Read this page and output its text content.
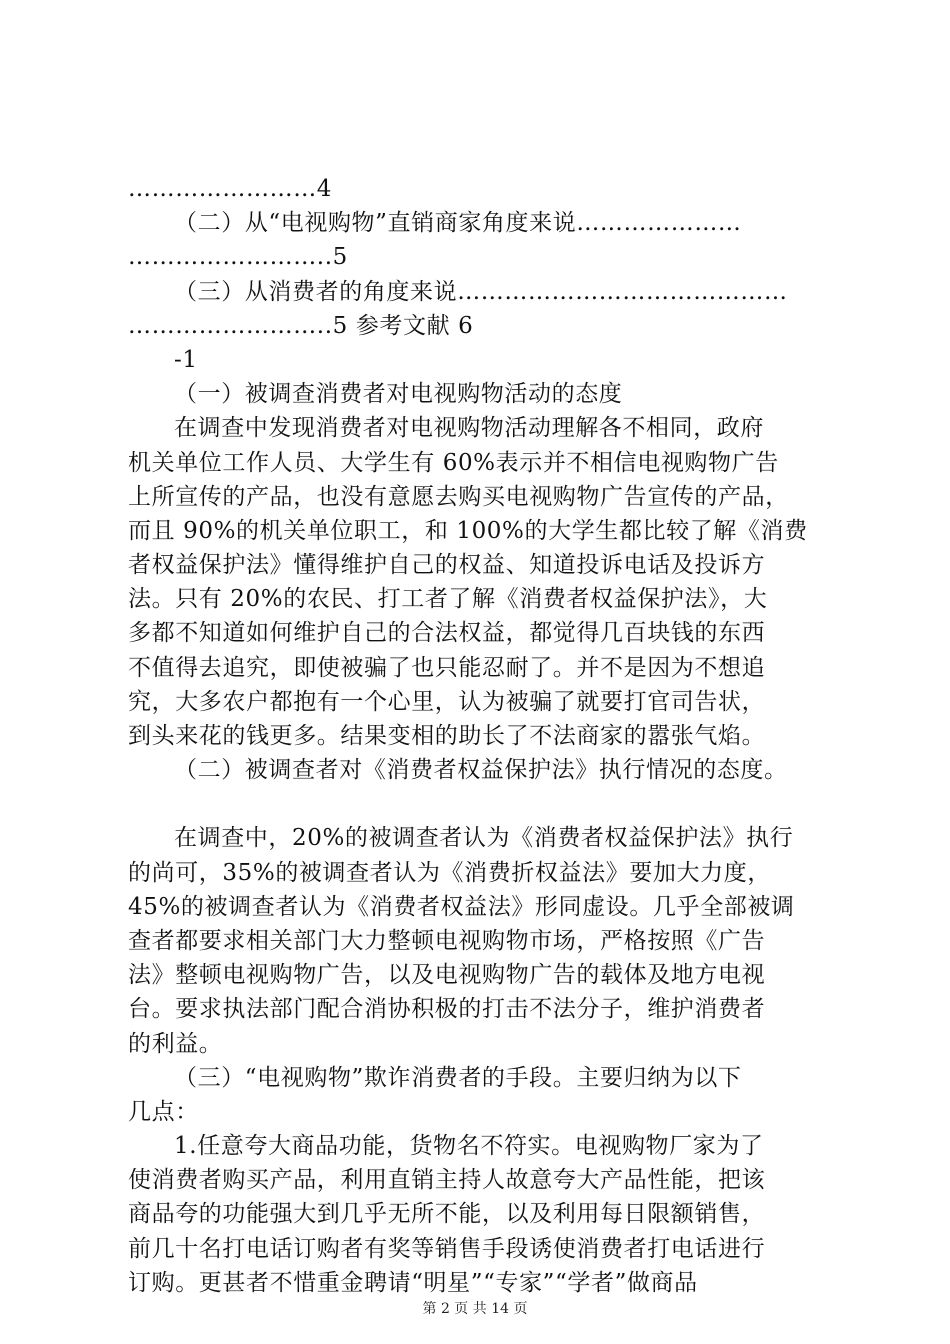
……………………4
（二）从“电视购物”直销商家角度来说…………………
……………………..5
（三）从消费者的角度来说……………………………………
……………………..5 参考文献 6
-1
（一）被调查消费者对电视购物活动的态度
在调查中发现消费者对电视购物活动理解各不相同，政府
机关单位工作人员、大学生有 60%表示并不相信电视购物广告
上所宣传的产品，也没有意愿去购买电视购物广告宣传的产品，
而且 90%的机关单位职工，和 100%的大学生都比较了解《消费
者权益保护法》懂得维护自己的权益、知道投诉电话及投诉方
法。只有 20%的农民、打工者了解《消费者权益保护法》，大
多都不知道如何维护自己的合法权益，都觉得几百块钱的东西
不值得去追究，即使被骗了也只能忍耐了。并不是因为不想追
究，大多农户都抱有一个心里，认为被骗了就要打官司告状，
到头来花的钱更多。结果变相的助长了不法商家的嚣张气焰。
（二）被调查者对《消费者权益保护法》执行情况的态度。
在调查中，20%的被调查者认为《消费者权益保护法》执行
的尚可，35%的被调查者认为《消费折权益法》要加大力度，
45%的被调查者认为《消费者权益法》形同虚设。几乎全部被调
查者都要求相关部门大力整顿电视购物市场，严格按照《广告
法》整顿电视购物广告，以及电视购物广告的载体及地方电视
台。要求执法部门配合消协积极的打击不法分子，维护消费者
的利益。
（三）“电视购物”欺诈消费者的手段。主要归纳为以下
几点：
1.任意夸大商品功能，货物名不符实。电视购物厂家为了
使消费者购买产品，利用直销主持人故意夸大产品性能，把该
商品夸的功能强大到几乎无所不能，以及利用每日限额销售，
前几十名打电话订购者有奖等销售手段诱使消费者打电话进行
订购。更甚者不惜重金聘请“明星”“专家”“学者”做商品
第 2 页 共 14 页
